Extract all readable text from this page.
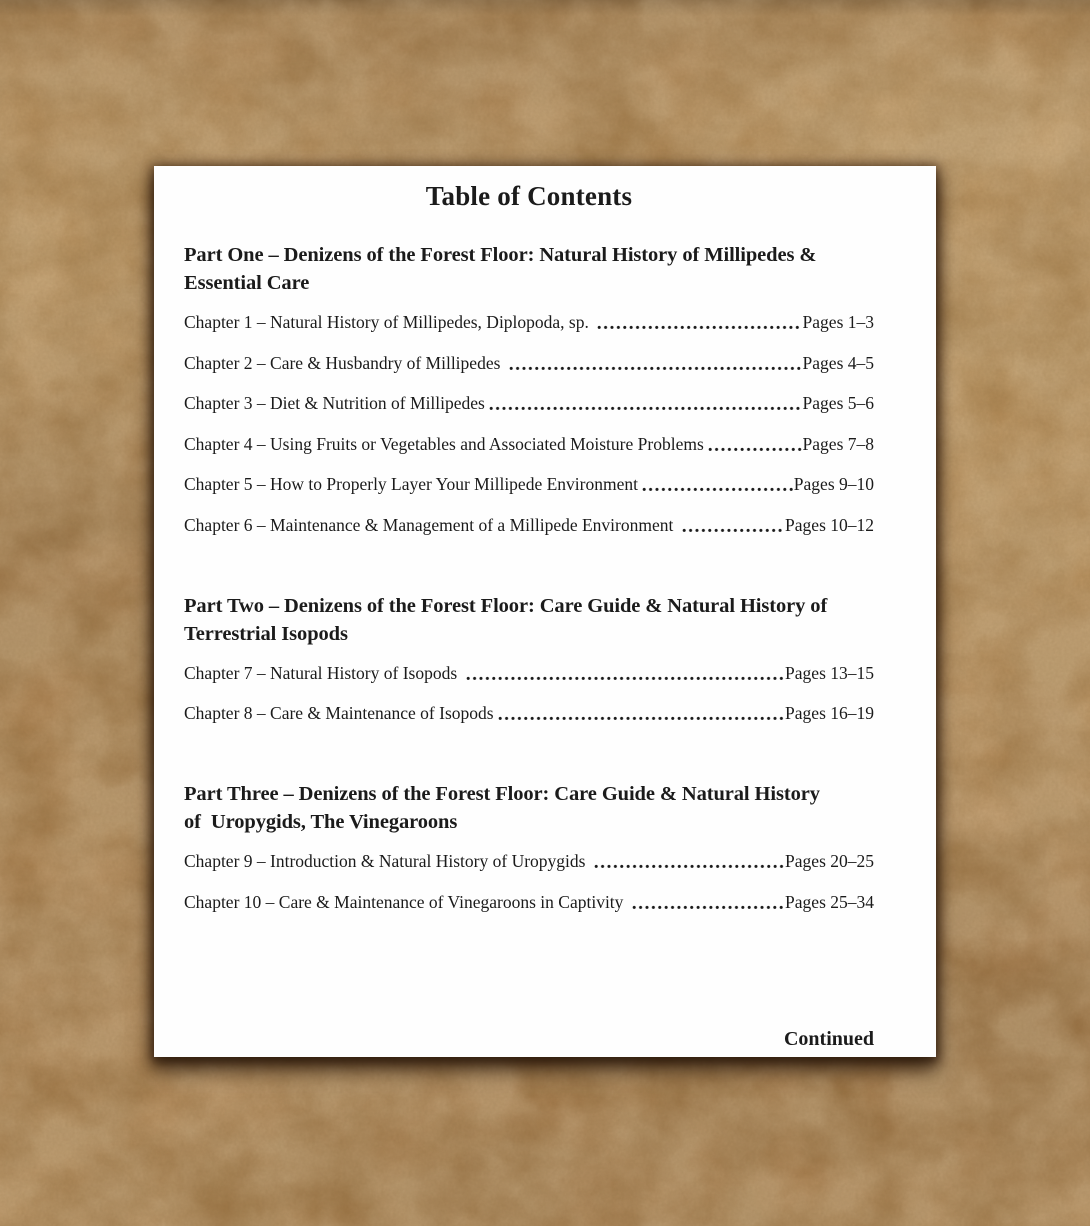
Table of Contents
Part One – Denizens of the Forest Floor: Natural History of Millipedes &
Essential Care
Chapter 1 – Natural History of Millipedes, Diplopoda, sp.	Pages 1–3
Chapter 2 – Care & Husbandry of Millipedes	Pages 4–5
Chapter 3 – Diet & Nutrition of Millipedes	Pages 5–6
Chapter 4 – Using Fruits or Vegetables and Associated Moisture Problems	Pages 7–8
Chapter 5 – How to Properly Layer Your Millipede Environment	Pages 9–10
Chapter 6 – Maintenance & Management of a Millipede Environment	Pages 10–12
Part Two – Denizens of the Forest Floor: Care Guide & Natural History of
Terrestrial Isopods
Chapter 7 – Natural History of Isopods	Pages 13–15
Chapter 8 – Care & Maintenance of Isopods	Pages 16–19
Part Three – Denizens of the Forest Floor: Care Guide & Natural History
of  Uropygids, The Vinegaroons
Chapter 9 – Introduction & Natural History of Uropygids	Pages 20–25
Chapter 10 – Care & Maintenance of Vinegaroons in Captivity	Pages 25–34
Continued
